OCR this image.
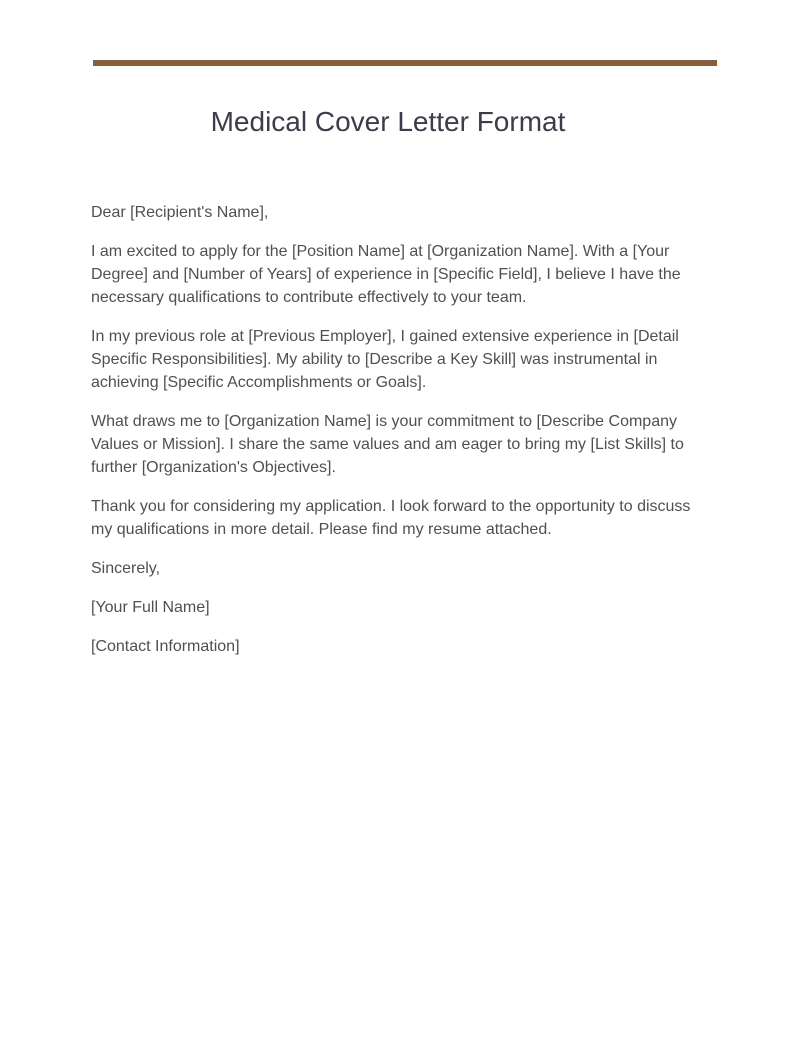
Medical Cover Letter Format

Dear [Recipient's Name],

I am excited to apply for the [Position Name] at [Organization Name]. With a [Your Degree] and [Number of Years] of experience in [Specific Field], I believe I have the necessary qualifications to contribute effectively to your team.

In my previous role at [Previous Employer], I gained extensive experience in [Detail Specific Responsibilities]. My ability to [Describe a Key Skill] was instrumental in achieving [Specific Accomplishments or Goals].

What draws me to [Organization Name] is your commitment to [Describe Company Values or Mission]. I share the same values and am eager to bring my [List Skills] to further [Organization's Objectives].

Thank you for considering my application. I look forward to the opportunity to discuss my qualifications in more detail. Please find my resume attached.

Sincerely,

[Your Full Name]

[Contact Information]
